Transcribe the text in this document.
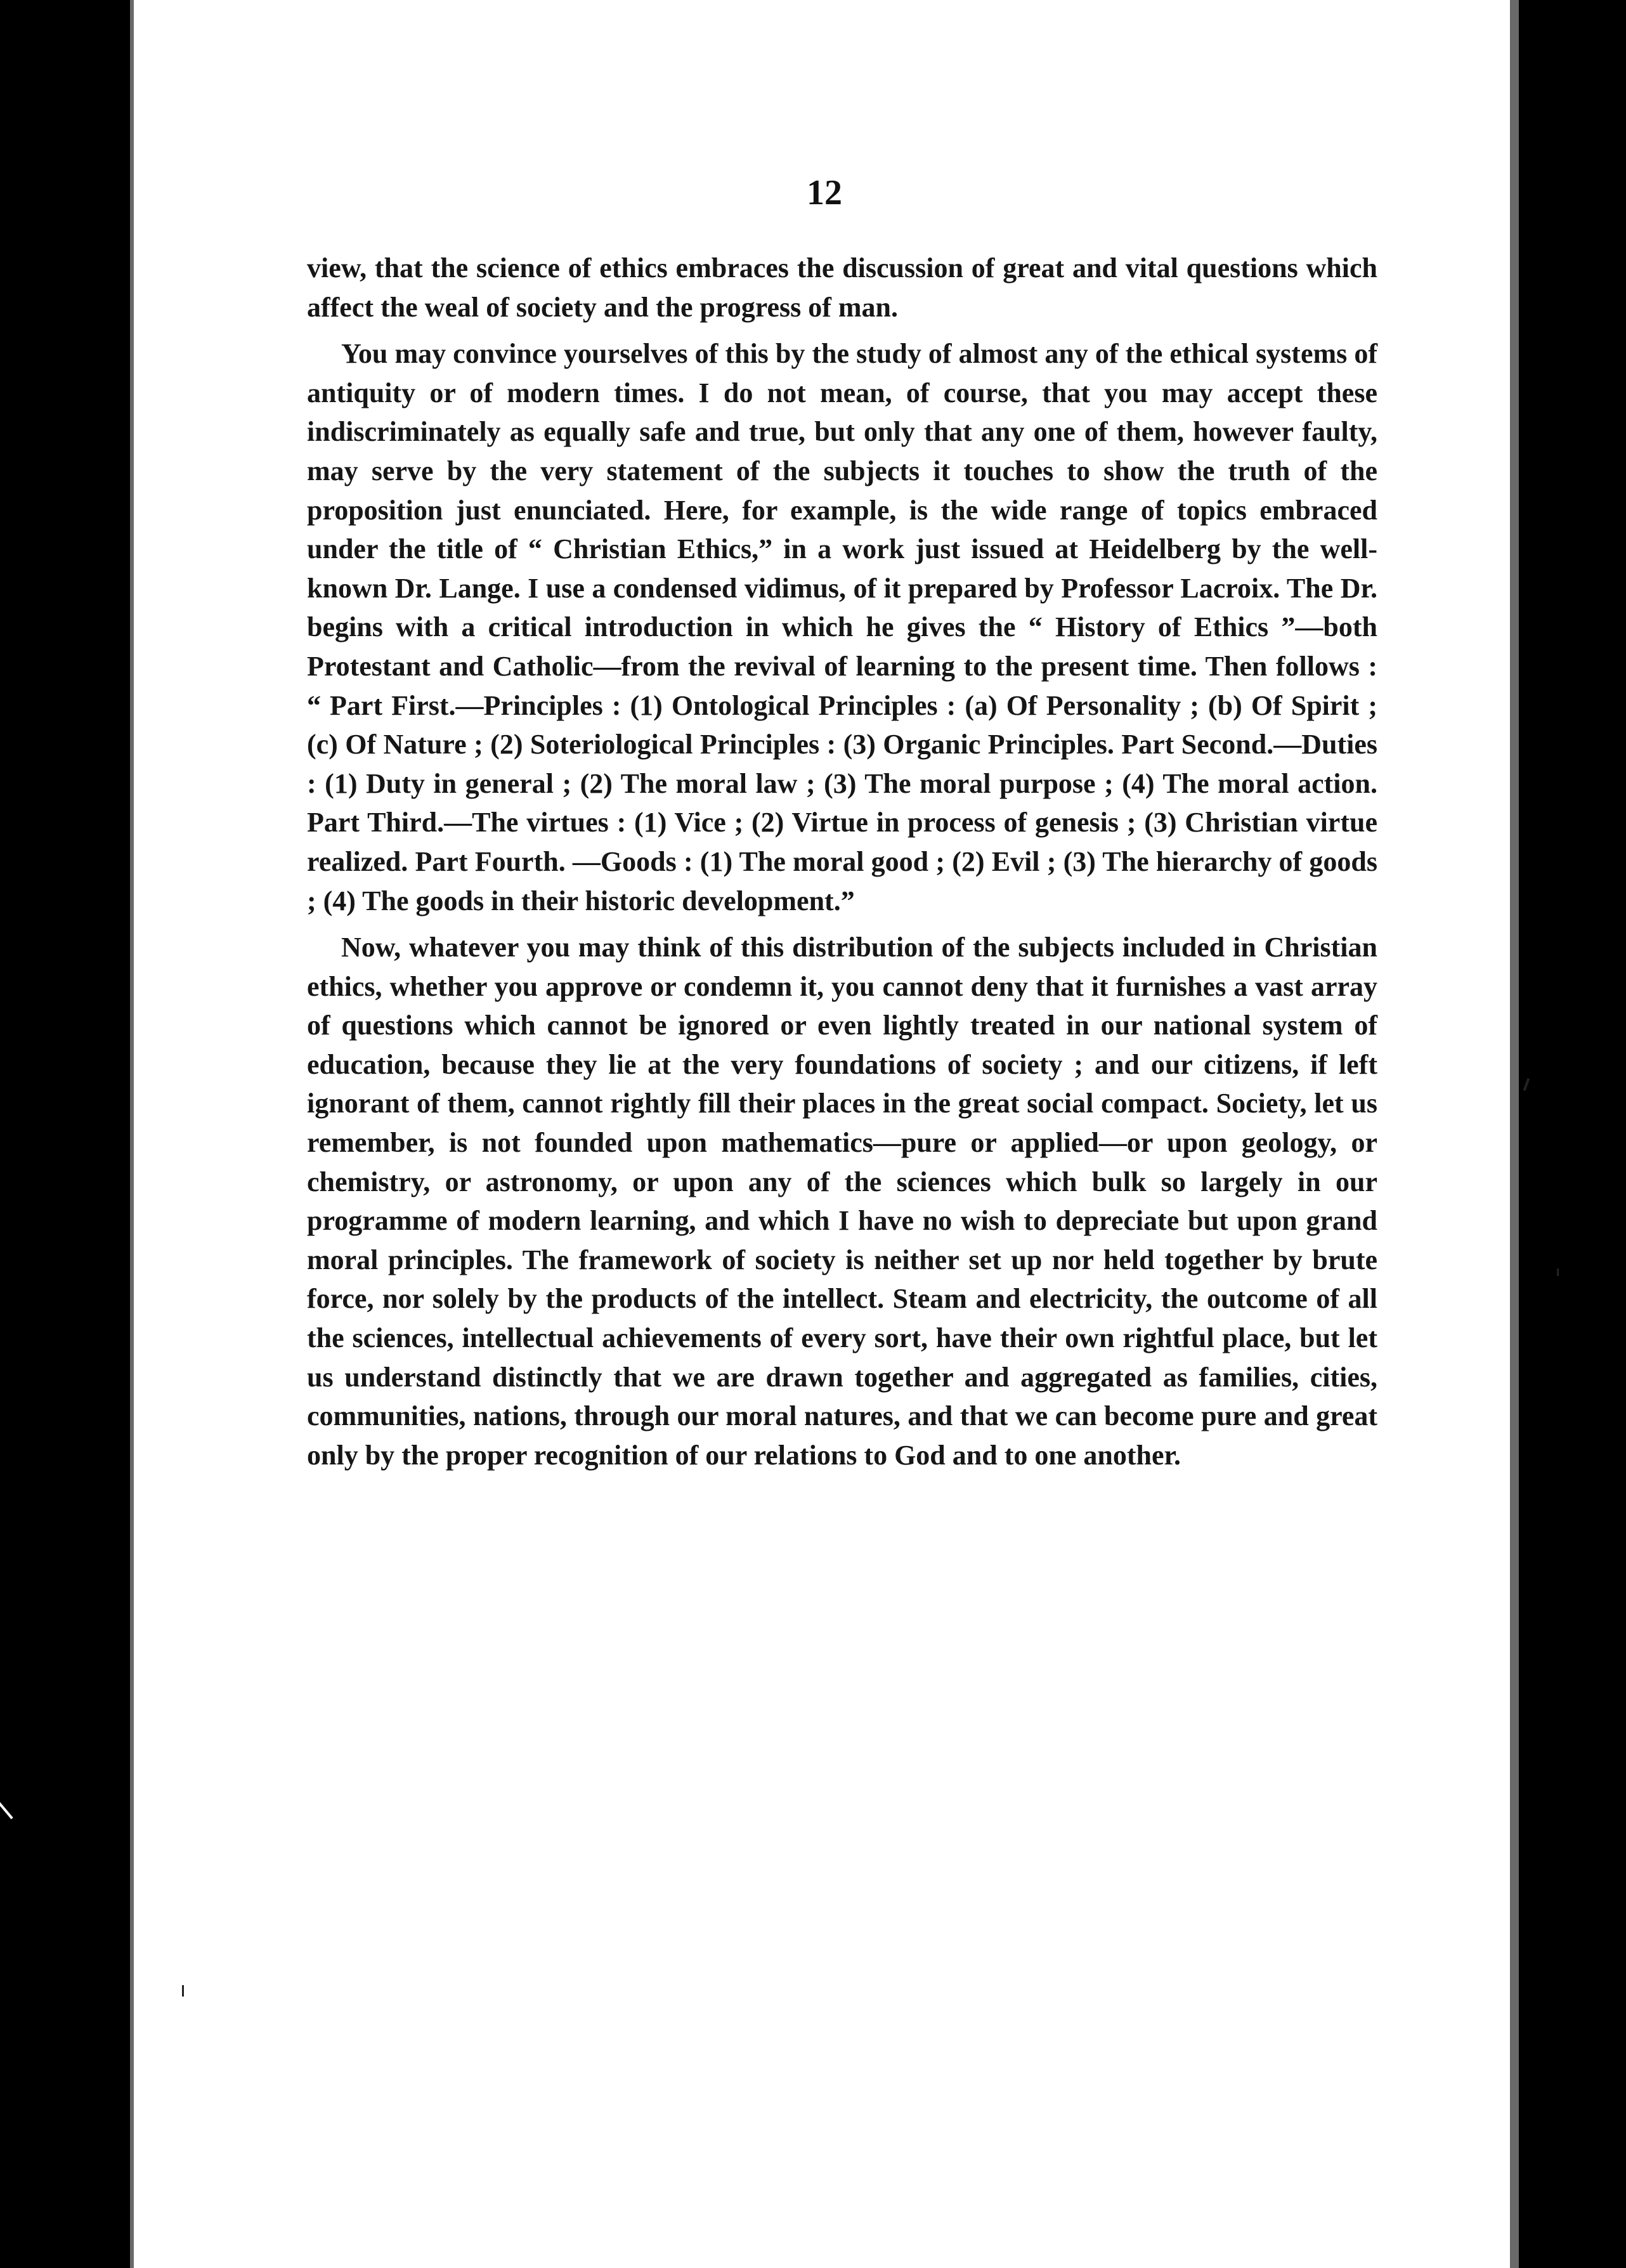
12

view, that the science of ethics embraces the discussion of great and vital questions which affect the weal of society and the progress of man.

You may convince yourselves of this by the study of almost any of the ethical systems of antiquity or of modern times. I do not mean, of course, that you may accept these indiscriminately as equally safe and true, but only that any one of them, however faulty, may serve by the very statement of the subjects it touches to show the truth of the proposition just enunciated. Here, for example, is the wide range of topics embraced under the title of “ Christian Ethics,” in a work just issued at Heidelberg by the well-known Dr. Lange. I use a condensed vidimus, of it prepared by Professor Lacroix. The Dr. begins with a critical introduction in which he gives the “ History of Ethics ”—both Protestant and Catholic—from the revival of learning to the present time. Then follows : “ Part First.—Principles : (1) Ontological Principles : (a) Of Personality ; (b) Of Spirit ; (c) Of Nature ; (2) Soteriological Principles : (3) Organic Principles. Part Second.—Duties : (1) Duty in general ; (2) The moral law ; (3) The moral purpose ; (4) The moral action. Part Third.—The virtues : (1) Vice ; (2) Virtue in process of genesis ; (3) Christian virtue realized. Part Fourth. —Goods : (1) The moral good ; (2) Evil ; (3) The hierarchy of goods ; (4) The goods in their historic development.”

Now, whatever you may think of this distribution of the subjects included in Christian ethics, whether you approve or condemn it, you cannot deny that it furnishes a vast array of questions which cannot be ignored or even lightly treated in our national system of education, because they lie at the very foundations of society ; and our citizens, if left ignorant of them, cannot rightly fill their places in the great social compact. Society, let us remember, is not founded upon mathematics—pure or applied—or upon geology, or chemistry, or astronomy, or upon any of the sciences which bulk so largely in our programme of modern learning, and which I have no wish to depreciate but upon grand moral principles. The framework of society is neither set up nor held together by brute force, nor solely by the products of the intellect. Steam and electricity, the outcome of all the sciences, intellectual achievements of every sort, have their own rightful place, but let us understand distinctly that we are drawn together and aggregated as families, cities, communities, nations, through our moral natures, and that we can become pure and great only by the proper recognition of our relations to God and to one another.
